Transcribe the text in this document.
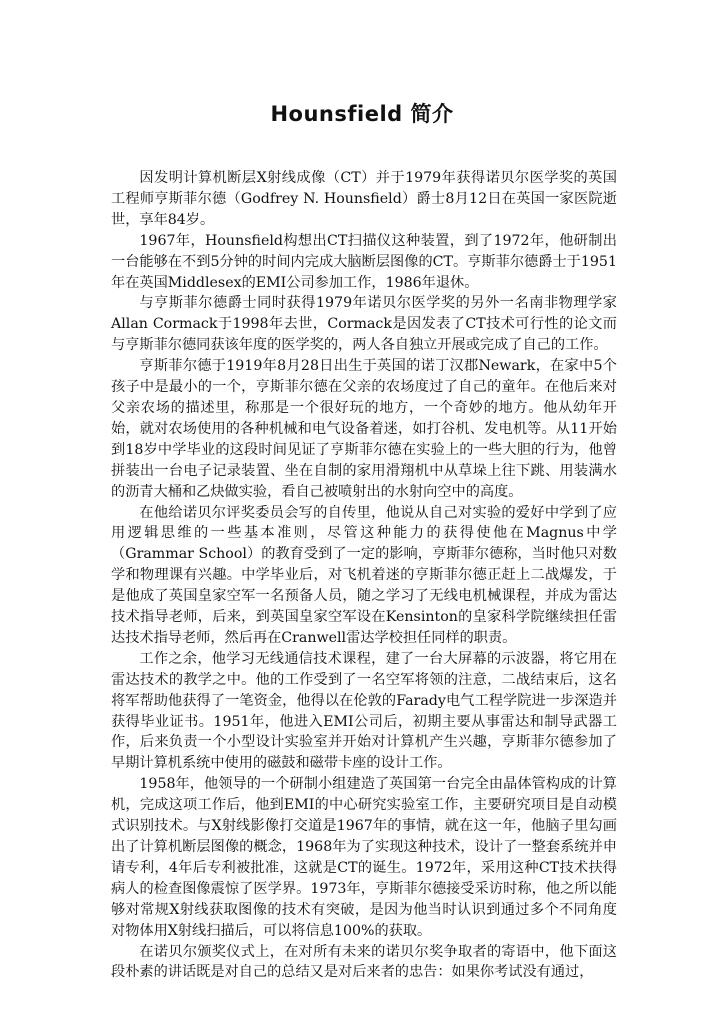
Hounsfield 简介

因发明计算机断层X射线成像（CT）并于1979年获得诺贝尔医学奖的英国工程师亨斯菲尔德（Godfrey N. Hounsfield）爵士8月12日在英国一家医院逝世，享年84岁。

1967年，Hounsfield构想出CT扫描仪这种装置，到了1972年，他研制出一台能够在不到5分钟的时间内完成大脑断层图像的CT。亨斯菲尔德爵士于1951年在英国Middlesex的EMI公司参加工作，1986年退休。

与亨斯菲尔德爵士同时获得1979年诺贝尔医学奖的另外一名南非物理学家Allan Cormack于1998年去世，Cormack是因发表了CT技术可行性的论文而与亨斯菲尔德同获该年度的医学奖的，两人各自独立开展或完成了自己的工作。

亨斯菲尔德于1919年8月28日出生于英国的诺丁汉郡Newark，在家中5个孩子中是最小的一个，亨斯菲尔德在父亲的农场度过了自己的童年。在他后来对父亲农场的描述里，称那是一个很好玩的地方，一个奇妙的地方。他从幼年开始，就对农场使用的各种机械和电气设备着迷，如打谷机、发电机等。从11开始到18岁中学毕业的这段时间见证了亨斯菲尔德在实验上的一些大胆的行为，他曾拼装出一台电子记录装置、坐在自制的家用滑翔机中从草垛上往下跳、用装满水的沥青大桶和乙炔做实验，看自己被喷射出的水射向空中的高度。

在他给诺贝尔评奖委员会写的自传里，他说从自己对实验的爱好中学到了应用逻辑思维的一些基本准则，尽管这种能力的获得使他在Magnus中学（Grammar School）的教育受到了一定的影响，亨斯菲尔德称，当时他只对数学和物理课有兴趣。中学毕业后，对飞机着迷的亨斯菲尔德正赶上二战爆发，于是他成了英国皇家空军一名预备人员，随之学习了无线电机械课程，并成为雷达技术指导老师，后来，到英国皇家空军设在Kensinton的皇家科学院继续担任雷达技术指导老师，然后再在Cranwell雷达学校担任同样的职责。

工作之余，他学习无线通信技术课程，建了一台大屏幕的示波器，将它用在雷达技术的教学之中。他的工作受到了一名空军将领的注意，二战结束后，这名将军帮助他获得了一笔资金，他得以在伦敦的Farady电气工程学院进一步深造并获得毕业证书。1951年，他进入EMI公司后，初期主要从事雷达和制导武器工作，后来负责一个小型设计实验室并开始对计算机产生兴趣，亨斯菲尔德参加了早期计算机系统中使用的磁鼓和磁带卡座的设计工作。

1958年，他领导的一个研制小组建造了英国第一台完全由晶体管构成的计算机，完成这项工作后，他到EMI的中心研究实验室工作，主要研究项目是自动模式识别技术。与X射线影像打交道是1967年的事情，就在这一年，他脑子里勾画出了计算机断层图像的概念，1968年为了实现这种技术，设计了一整套系统并申请专利，4年后专利被批准，这就是CT的诞生。1972年，采用这种CT技术扶得病人的检查图像震惊了医学界。1973年，亨斯菲尔德接受采访时称，他之所以能够对常规X射线获取图像的技术有突破，是因为他当时认识到通过多个不同角度对物体用X射线扫描后，可以将信息100%的获取。

在诺贝尔颁奖仪式上，在对所有未来的诺贝尔奖争取者的寄语中，他下面这段朴素的讲话既是对自己的总结又是对后来者的忠告：如果你考试没有通过，
